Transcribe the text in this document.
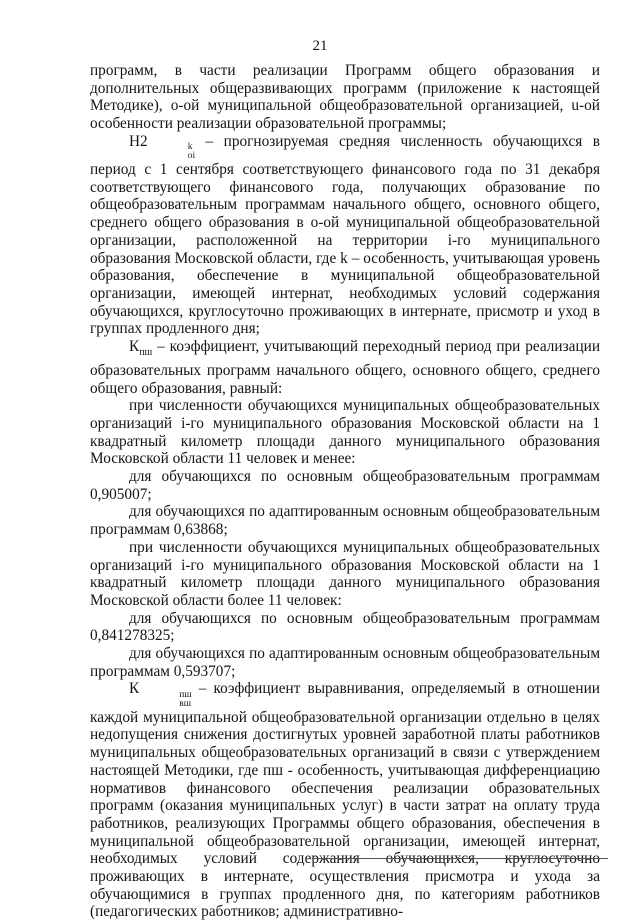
21

программ, в части реализации Программ общего образования и дополнительных общеразвивающих программ (приложение к настоящей Методике), о-ой муниципальной общеобразовательной организацией, u-ой особенности реализации образовательной программы;

Н2	k
oi
– прогнозируемая средняя численность обучающихся в период с 1 сентября соответствующего финансового года по 31 декабря соответствующего финансового года, получающих образование по общеобразовательным программам начального общего, основного общего, среднего общего образования в о-ой муниципальной общеобразовательной организации, расположенной на территории i-го муниципального образования Московской области, где k – особенность, учитывающая уровень образования, обеспечение в муниципальной общеобразовательной организации, имеющей интернат, необходимых условий содержания обучающихся, круглосуточно проживающих в интернате, присмотр и уход в группах продленного дня;

$К_{пш}$ – коэффициент, учитывающий переходный период при реализации образовательных программ начального общего, основного общего, среднего общего образования, равный:

при численности обучающихся муниципальных общеобразовательных организаций i-го муниципального образования Московской области на 1 квадратный километр площади данного муниципального образования Московской области 11 человек и менее:

для обучающихся по основным общеобразовательным программам 0,905007;

для обучающихся по адаптированным основным общеобразовательным программам 0,63868;

при численности обучающихся муниципальных общеобразовательных организаций i-го муниципального образования Московской области на 1 квадратный километр площади данного муниципального образования Московской области более 11 человек:

для обучающихся по основным общеобразовательным программам 0,841278325;

для обучающихся по адаптированным основным общеобразовательным программам 0,593707;

К	пш
вш
– коэффициент выравнивания, определяемый в отношении каждой муниципальной общеобразовательной организации отдельно в целях недопущения снижения достигнутых уровней заработной платы работников муниципальных общеобразовательных организаций в связи с утверждением настоящей Методики, где пш - особенность, учитывающая дифференциацию нормативов финансового обеспечения реализации образовательных программ (оказания муниципальных услуг) в части затрат на оплату труда работников, реализующих Программы общего образования, обеспечения в муниципальной общеобразовательной организации, имеющей интернат, необходимых условий содержания обучающихся, круглосуточно проживающих в интернате, осуществления присмотра и ухода за обучающимися в группах продленного дня, по категориям работников (педагогических работников; административно-
